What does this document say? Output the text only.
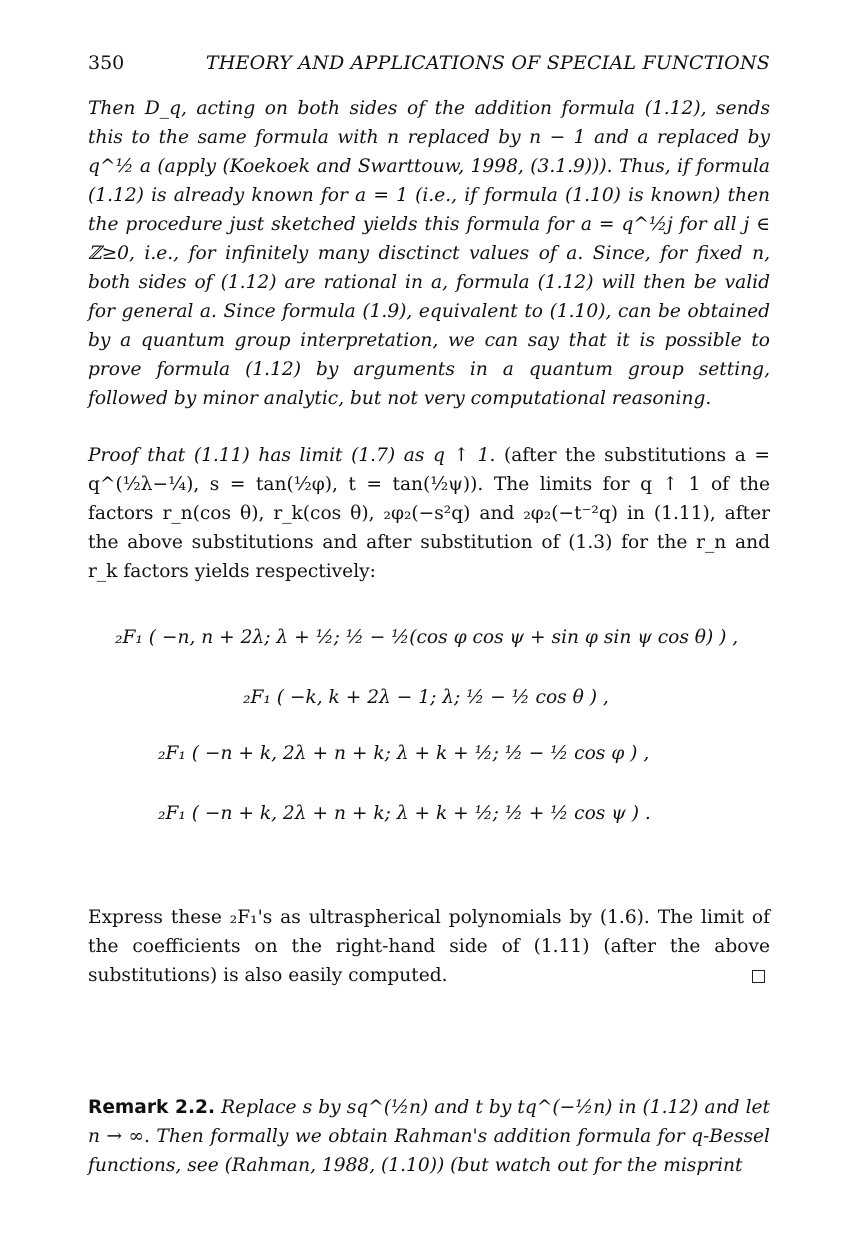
350	THEORY AND APPLICATIONS OF SPECIAL FUNCTIONS
Then D_q, acting on both sides of the addition formula (1.12), sends this to the same formula with n replaced by n − 1 and a replaced by q^½ a (apply (Koekoek and Swarttouw, 1998, (3.1.9))). Thus, if formula (1.12) is already known for a = 1 (i.e., if formula (1.10) is known) then the procedure just sketched yields this formula for a = q^½j for all j ∈ ℤ≥0, i.e., for infinitely many disctinct values of a. Since, for fixed n, both sides of (1.12) are rational in a, formula (1.12) will then be valid for general a. Since formula (1.9), equivalent to (1.10), can be obtained by a quantum group interpretation, we can say that it is possible to prove formula (1.12) by arguments in a quantum group setting, followed by minor analytic, but not very computational reasoning.
Proof that (1.11) has limit (1.7) as q ↑ 1. (after the substitutions a = q^(½λ−¼), s = tan(½φ), t = tan(½ψ)). The limits for q ↑ 1 of the factors r_n(cos θ), r_k(cos θ), ₂φ₂(−s²q) and ₂φ₂(−t⁻²q) in (1.11), after the above substitutions and after substitution of (1.3) for the r_n and r_k factors yields respectively:
₂F₁ ( −n, n + 2λ; λ + ½; ½ − ½(cos φ cos ψ + sin φ sin ψ cos θ) ) ,
₂F₁ ( −k, k + 2λ − 1; λ; ½ − ½ cos θ ) ,
₂F₁ ( −n + k, 2λ + n + k; λ + k + ½; ½ − ½ cos φ ) ,
₂F₁ ( −n + k, 2λ + n + k; λ + k + ½; ½ + ½ cos ψ ) .
Express these ₂F₁'s as ultraspherical polynomials by (1.6). The limit of the coefficients on the right-hand side of (1.11) (after the above substitutions) is also easily computed.
Remark 2.2. Replace s by sq^(½n) and t by tq^(−½n) in (1.12) and let n → ∞. Then formally we obtain Rahman's addition formula for q-Bessel functions, see (Rahman, 1988, (1.10)) (but watch out for the misprint
